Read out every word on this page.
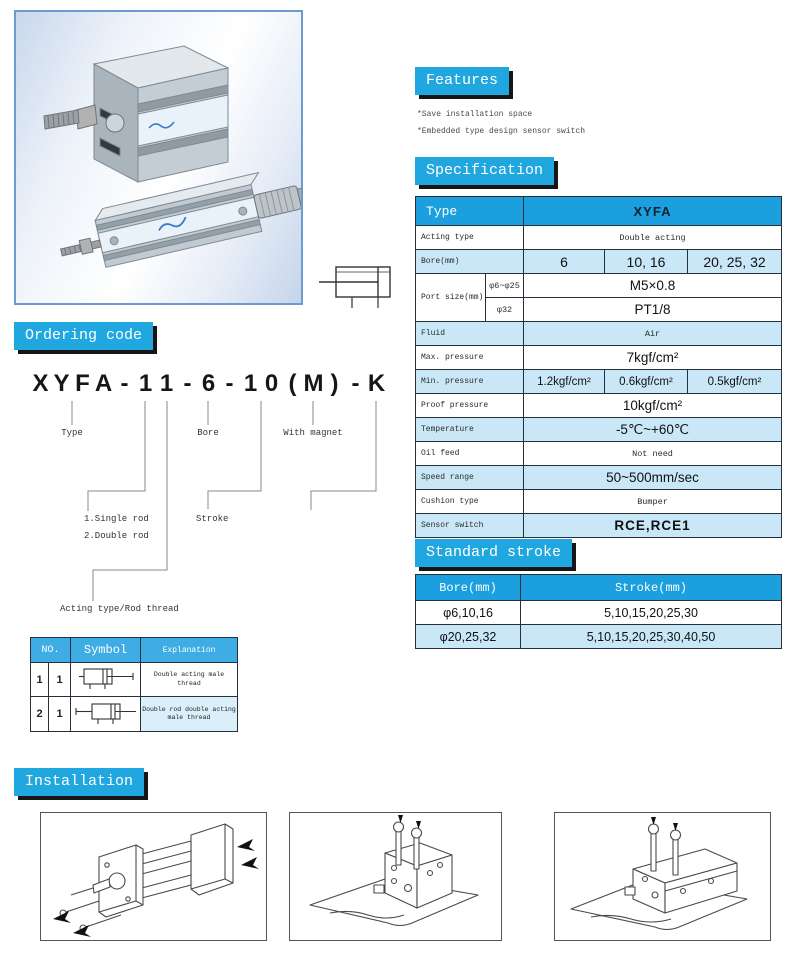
Features
*Save installation space
*Embedded type design sensor switch
Specification
Type		XYFA		
Acting type		Double acting		
Bore(mm)		6	10, 16	20, 25, 32
Port size(mm)	φ6~φ25	M5×0.8		
	φ32	PT1/8		
Fluid		Air		
Max. pressure		7kgf/cm²		
Min. pressure		1.2kgf/cm²	0.6kgf/cm²	0.5kgf/cm²
Proof pressure		10kgf/cm²		
Temperature		-5℃~+60℃		
Oil feed		Not need		
Speed range		50~500mm/sec		
Cushion type		Bumper		
Sensor switch		RCE,RCE1		
Standard stroke
Bore(mm)	Stroke(mm)
φ6,10,16	5,10,15,20,25,30
φ20,25,32	5,10,15,20,25,30,40,50
Ordering code
X Y F A - 1 1 - 6 - 1 0 ( M ) - K
Type	Bore	With magnet
1.Single rod
2.Double rod
Stroke
Acting type/Rod thread
NO.		Symbol	Explanation
1	1		Double acting male thread
2	1		Double rod double acting
male thread
Installation
